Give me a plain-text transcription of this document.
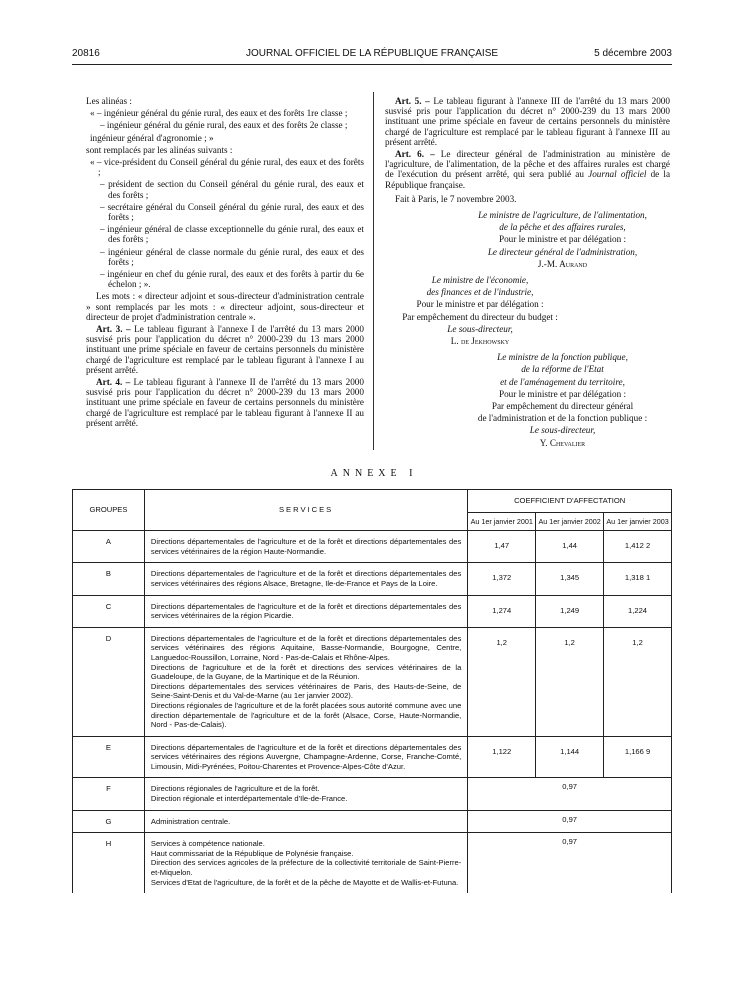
20816	JOURNAL OFFICIEL DE LA RÉPUBLIQUE FRANÇAISE	5 décembre 2003

Les alinéas :

« – ingénieur général du génie rural, des eaux et des forêts 1re classe ;

– ingénieur général du génie rural, des eaux et des forêts 2e classe ;

ingénieur général d'agronomie ; »

sont remplacés par les alinéas suivants :

« – vice-président du Conseil général du génie rural, des eaux et des forêts ;

– président de section du Conseil général du génie rural, des eaux et des forêts ;

– secrétaire général du Conseil général du génie rural, des eaux et des forêts ;

– ingénieur général de classe exceptionnelle du génie rural, des eaux et des forêts ;

– ingénieur général de classe normale du génie rural, des eaux et des forêts ;

– ingénieur en chef du génie rural, des eaux et des forêts à partir du 6e échelon ; ».

Les mots : « directeur adjoint et sous-directeur d'administration centrale » sont remplacés par les mots : « directeur adjoint, sous-directeur et directeur de projet d'administration centrale ».

Art. 3. – Le tableau figurant à l'annexe I de l'arrêté du 13 mars 2000 susvisé pris pour l'application du décret n° 2000-239 du 13 mars 2000 instituant une prime spéciale en faveur de certains personnels du ministère chargé de l'agriculture est remplacé par le tableau figurant à l'annexe I au présent arrêté.

Art. 4. – Le tableau figurant à l'annexe II de l'arrêté du 13 mars 2000 susvisé pris pour l'application du décret n° 2000-239 du 13 mars 2000 instituant une prime spéciale en faveur de certains personnels du ministère chargé de l'agriculture est remplacé par le tableau figurant à l'annexe II au présent arrêté.

Art. 5. – Le tableau figurant à l'annexe III de l'arrêté du 13 mars 2000 susvisé pris pour l'application du décret n° 2000-239 du 13 mars 2000 instituant une prime spéciale en faveur de certains personnels du ministère chargé de l'agriculture est remplacé par le tableau figurant à l'annexe III au présent arrêté.

Art. 6. – Le directeur général de l'administration au ministère de l'agriculture, de l'alimentation, de la pêche et des affaires rurales est chargé de l'exécution du présent arrêté, qui sera publié au Journal officiel de la République française.

Fait à Paris, le 7 novembre 2003.

Le ministre de l'agriculture, de l'alimentation,

de la pêche et des affaires rurales,

Pour le ministre et par délégation :

Le directeur général de l'administration,

J.-M. Aurand

Le ministre de l'économie,

des finances et de l'industrie,

Pour le ministre et par délégation :

Par empêchement du directeur du budget :

Le sous-directeur,

L. de Jekhowsky

Le ministre de la fonction publique,

de la réforme de l'Etat

et de l'aménagement du territoire,

Pour le ministre et par délégation :

Par empêchement du directeur général

de l'administration et de la fonction publique :

Le sous-directeur,

Y. Chevalier

ANNEXE I
GROUPES	SERVICES	COEFFICIENT D'AFFECTATION		
		Au 1er janvier 2001	Au 1er janvier 2002	Au 1er janvier 2003
A	Directions départementales de l'agriculture et de la forêt et directions départementales des services vétérinaires de la région Haute-Normandie.	1,47	1,44	1,412 2
B	Directions départementales de l'agriculture et de la forêt et directions départementales des services vétérinaires des régions Alsace, Bretagne, Ile-de-France et Pays de la Loire.	1,372	1,345	1,318 1
C	Directions départementales de l'agriculture et de la forêt et directions départementales des services vétérinaires de la région Picardie.	1,274	1,249	1,224
D	Directions départementales de l'agriculture et de la forêt et directions départementales des services vétérinaires des régions Aquitaine, Basse-Normandie, Bourgogne, Centre, Languedoc-Roussillon, Lorraine, Nord - Pas-de-Calais et Rhône-Alpes.
Directions de l'agriculture et de la forêt et directions des services vétérinaires de la Guadeloupe, de la Guyane, de la Martinique et de la Réunion.
Directions départementales des services vétérinaires de Paris, des Hauts-de-Seine, de Seine-Saint-Denis et du Val-de-Marne (au 1er janvier 2002).
Directions régionales de l'agriculture et de la forêt placées sous autorité commune avec une direction départementale de l'agriculture et de la forêt (Alsace, Corse, Haute-Normandie, Nord - Pas-de-Calais).	1,2	1,2	1,2
E	Directions départementales de l'agriculture et de la forêt et directions départementales des services vétérinaires des régions Auvergne, Champagne-Ardenne, Corse, Franche-Comté, Limousin, Midi-Pyrénées, Poitou-Charentes et Provence-Alpes-Côte d'Azur.	1,122	1,144	1,166 9
F	Directions régionales de l'agriculture et de la forêt.
Direction régionale et interdépartementale d'Ile-de-France.	0,97		
G	Administration centrale.	0,97		
H	Services à compétence nationale.
Haut commissariat de la République de Polynésie française.
Direction des services agricoles de la préfecture de la collectivité territoriale de Saint-Pierre-et-Miquelon.
Services d'Etat de l'agriculture, de la forêt et de la pêche de Mayotte et de Wallis-et-Futuna.	0,97		
